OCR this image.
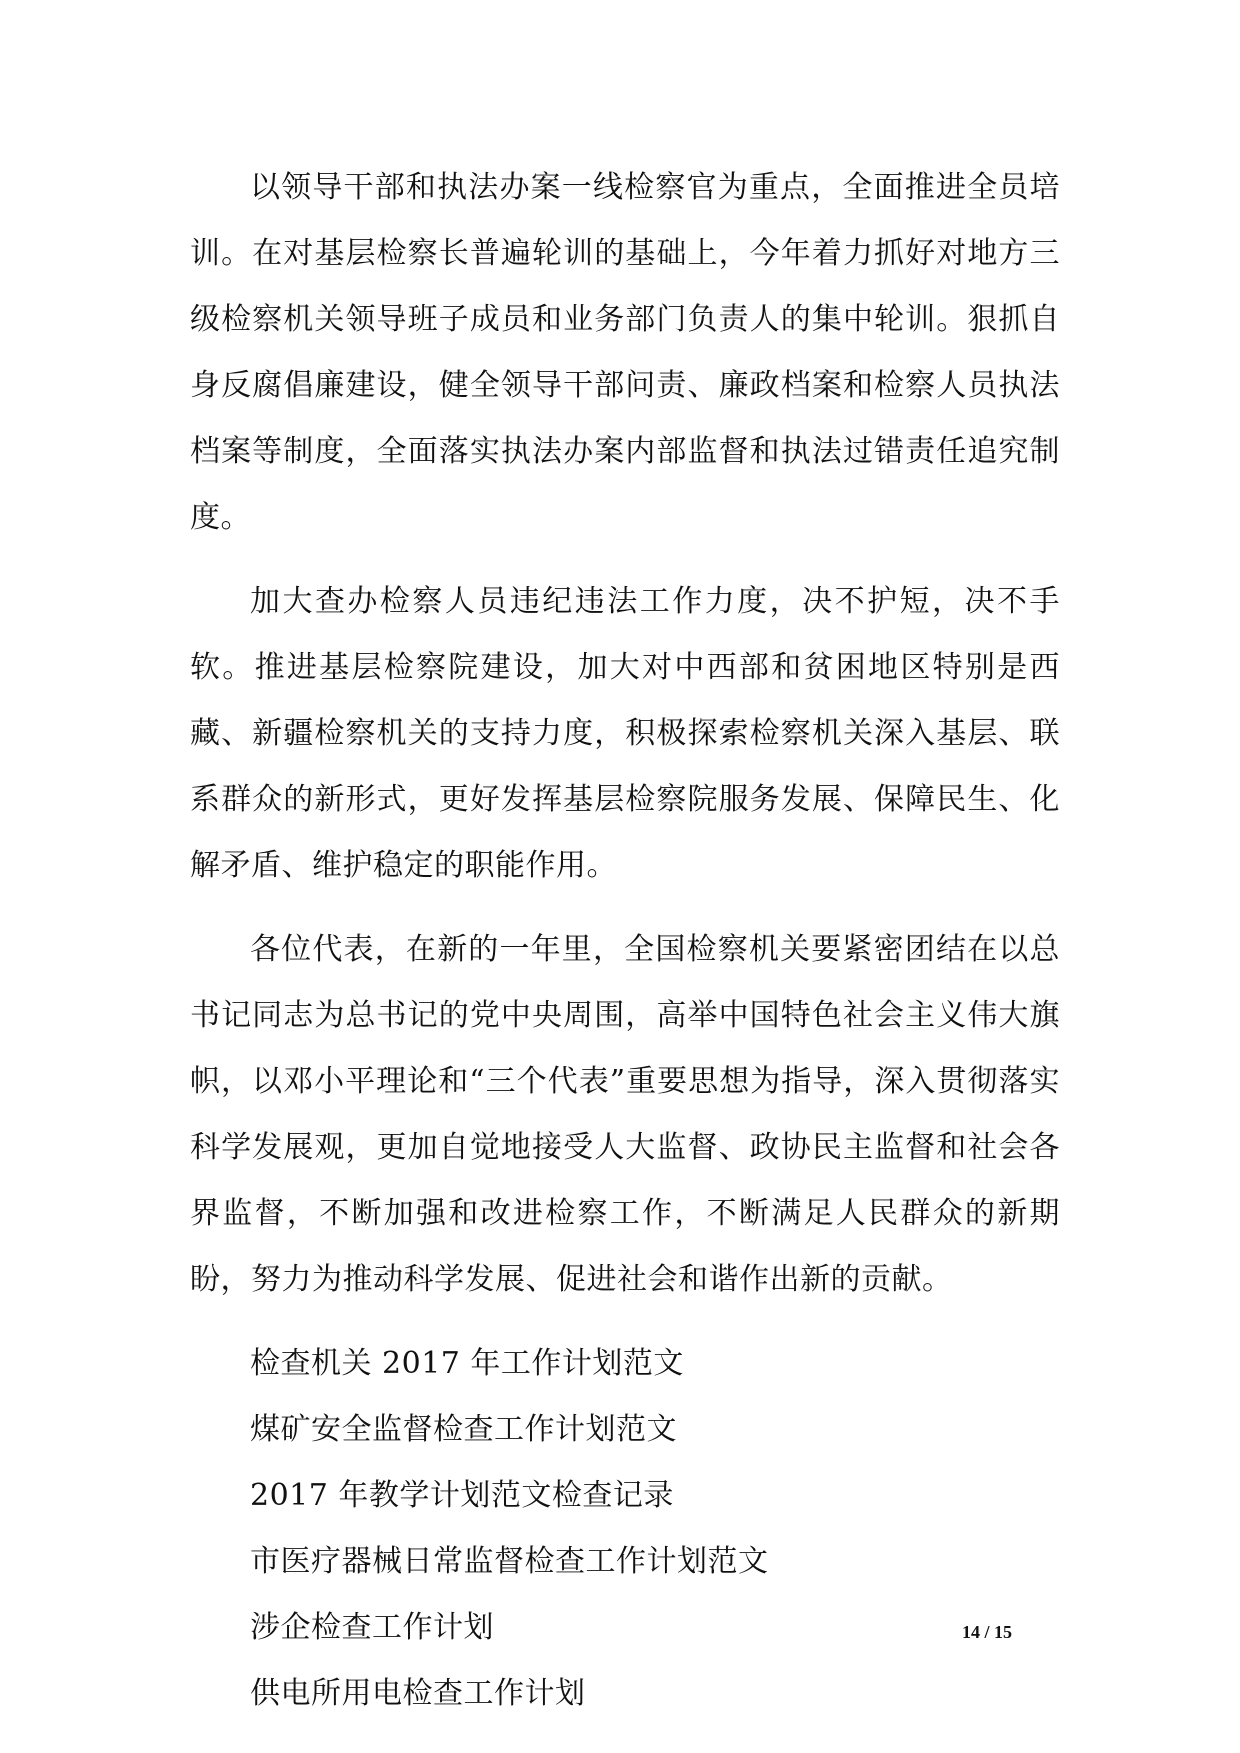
以领导干部和执法办案一线检察官为重点，全面推进全员培训。在对基层检察长普遍轮训的基础上，今年着力抓好对地方三级检察机关领导班子成员和业务部门负责人的集中轮训。狠抓自身反腐倡廉建设，健全领导干部问责、廉政档案和检察人员执法档案等制度，全面落实执法办案内部监督和执法过错责任追究制度。

加大查办检察人员违纪违法工作力度，决不护短，决不手软。推进基层检察院建设，加大对中西部和贫困地区特别是西藏、新疆检察机关的支持力度，积极探索检察机关深入基层、联系群众的新形式，更好发挥基层检察院服务发展、保障民生、化解矛盾、维护稳定的职能作用。

各位代表，在新的一年里，全国检察机关要紧密团结在以总书记同志为总书记的党中央周围，高举中国特色社会主义伟大旗帜，以邓小平理论和“三个代表”重要思想为指导，深入贯彻落实科学发展观，更加自觉地接受人大监督、政协民主监督和社会各界监督，不断加强和改进检察工作，不断满足人民群众的新期盼，努力为推动科学发展、促进社会和谐作出新的贡献。

检查机关 2017 年工作计划范文
煤矿安全监督检查工作计划范文
2017 年教学计划范文检查记录
市医疗器械日常监督检查工作计划范文
涉企检查工作计划
供电所用电检查工作计划
14 / 15
